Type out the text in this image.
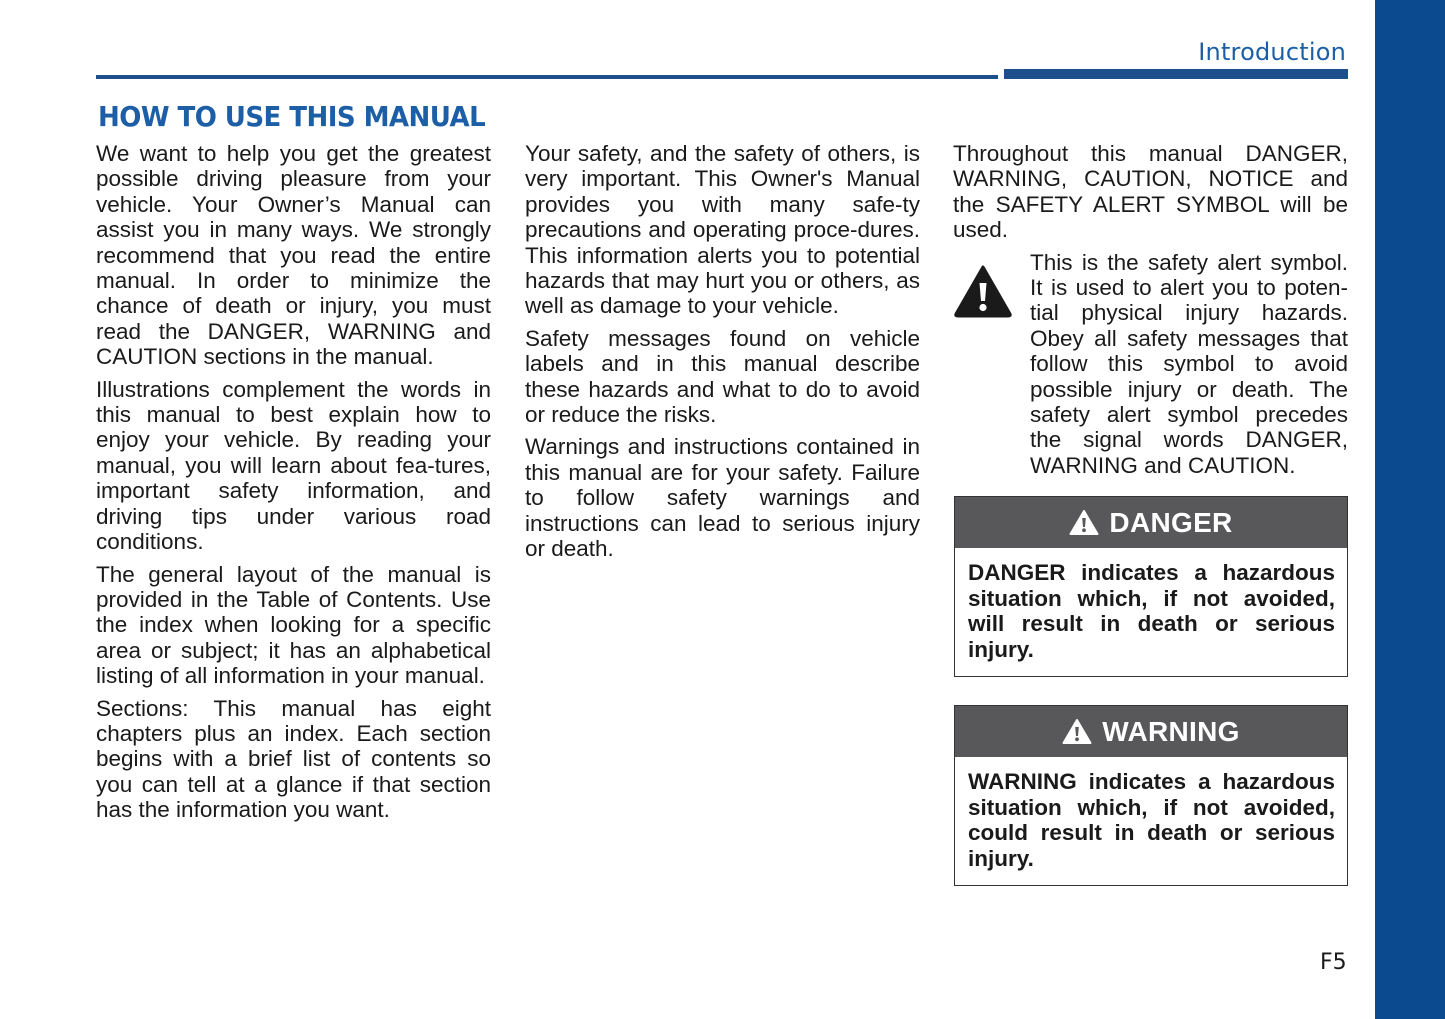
Introduction
HOW TO USE THIS MANUAL

We want to help you get the greatest possible driving pleasure from your vehicle. Your Owner’s Manual can assist you in many ways. We strongly recommend that you read the entire manual. In order to minimize the chance of death or injury, you must read the DANGER, WARNING and CAUTION sections in the manual.

Illustrations complement the words in this manual to best explain how to enjoy your vehicle. By reading your manual, you will learn about fea-tures, important safety information, and driving tips under various road conditions.

The general layout of the manual is provided in the Table of Contents. Use the index when looking for a specific area or subject; it has an alphabetical listing of all information in your manual.

Sections: This manual has eight chapters plus an index. Each section begins with a brief list of contents so you can tell at a glance if that section has the information you want.

Your safety, and the safety of others, is very important. This Owner's Manual provides you with many safe-ty precautions and operating proce-dures. This information alerts you to potential hazards that may hurt you or others, as well as damage to your vehicle.

Safety messages found on vehicle labels and in this manual describe these hazards and what to do to avoid or reduce the risks.

Warnings and instructions contained in this manual are for your safety. Failure to follow safety warnings and instructions can lead to serious injury or death.

Throughout this manual DANGER, WARNING, CAUTION, NOTICE and the SAFETY ALERT SYMBOL will be used.

This is the safety alert symbol. It is used to alert you to poten-tial physical injury hazards. Obey all safety messages that follow this symbol to avoid possible injury or death. The safety alert symbol precedes the signal words DANGER, WARNING and CAUTION.

DANGER
DANGER indicates a hazardous situation which, if not avoided, will result in death or serious injury.
WARNING
WARNING indicates a hazardous situation which, if not avoided, could result in death or serious injury.
F5
